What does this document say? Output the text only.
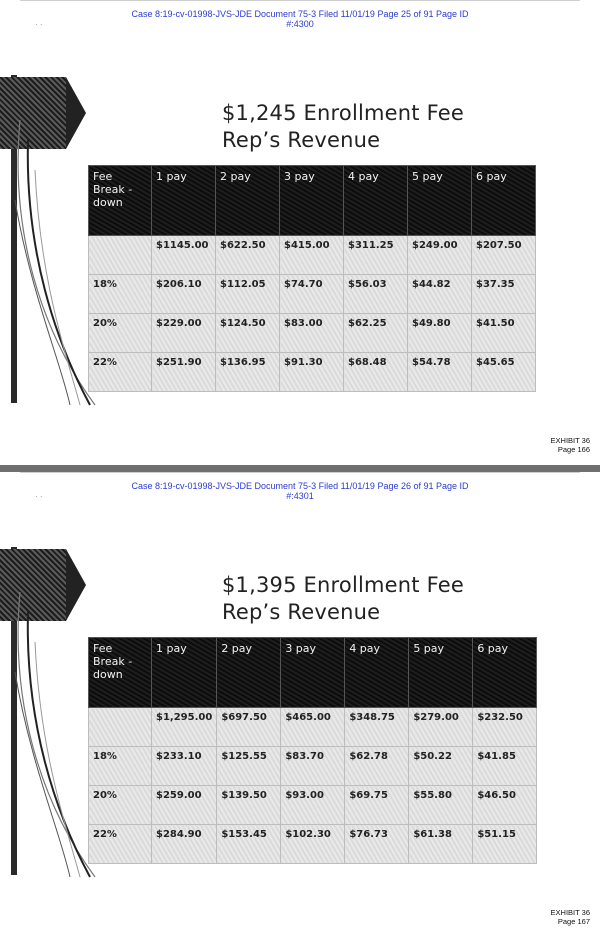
Case 8:19-cv-01998-JVS-JDE Document 75-3 Filed 11/01/19 Page 25 of 91 Page ID
#:4300
· ·
$1,245 Enrollment Fee
Rep’s Revenue
Fee Break - down	1 pay	2 pay	3 pay	4 pay	5 pay	6 pay
	$1145.00	$622.50	$415.00	$311.25	$249.00	$207.50
18%	$206.10	$112.05	$74.70	$56.03	$44.82	$37.35
20%	$229.00	$124.50	$83.00	$62.25	$49.80	$41.50
22%	$251.90	$136.95	$91.30	$68.48	$54.78	$45.65
EXHIBIT 36
Page 166
Case 8:19-cv-01998-JVS-JDE Document 75-3 Filed 11/01/19 Page 26 of 91 Page ID
#:4301
· ·
$1,395 Enrollment Fee
Rep’s Revenue
Fee Break - down	1 pay	2 pay	3 pay	4 pay	5 pay	6 pay
	$1,295.00	$697.50	$465.00	$348.75	$279.00	$232.50
18%	$233.10	$125.55	$83.70	$62.78	$50.22	$41.85
20%	$259.00	$139.50	$93.00	$69.75	$55.80	$46.50
22%	$284.90	$153.45	$102.30	$76.73	$61.38	$51.15
EXHIBIT 36
Page 167
